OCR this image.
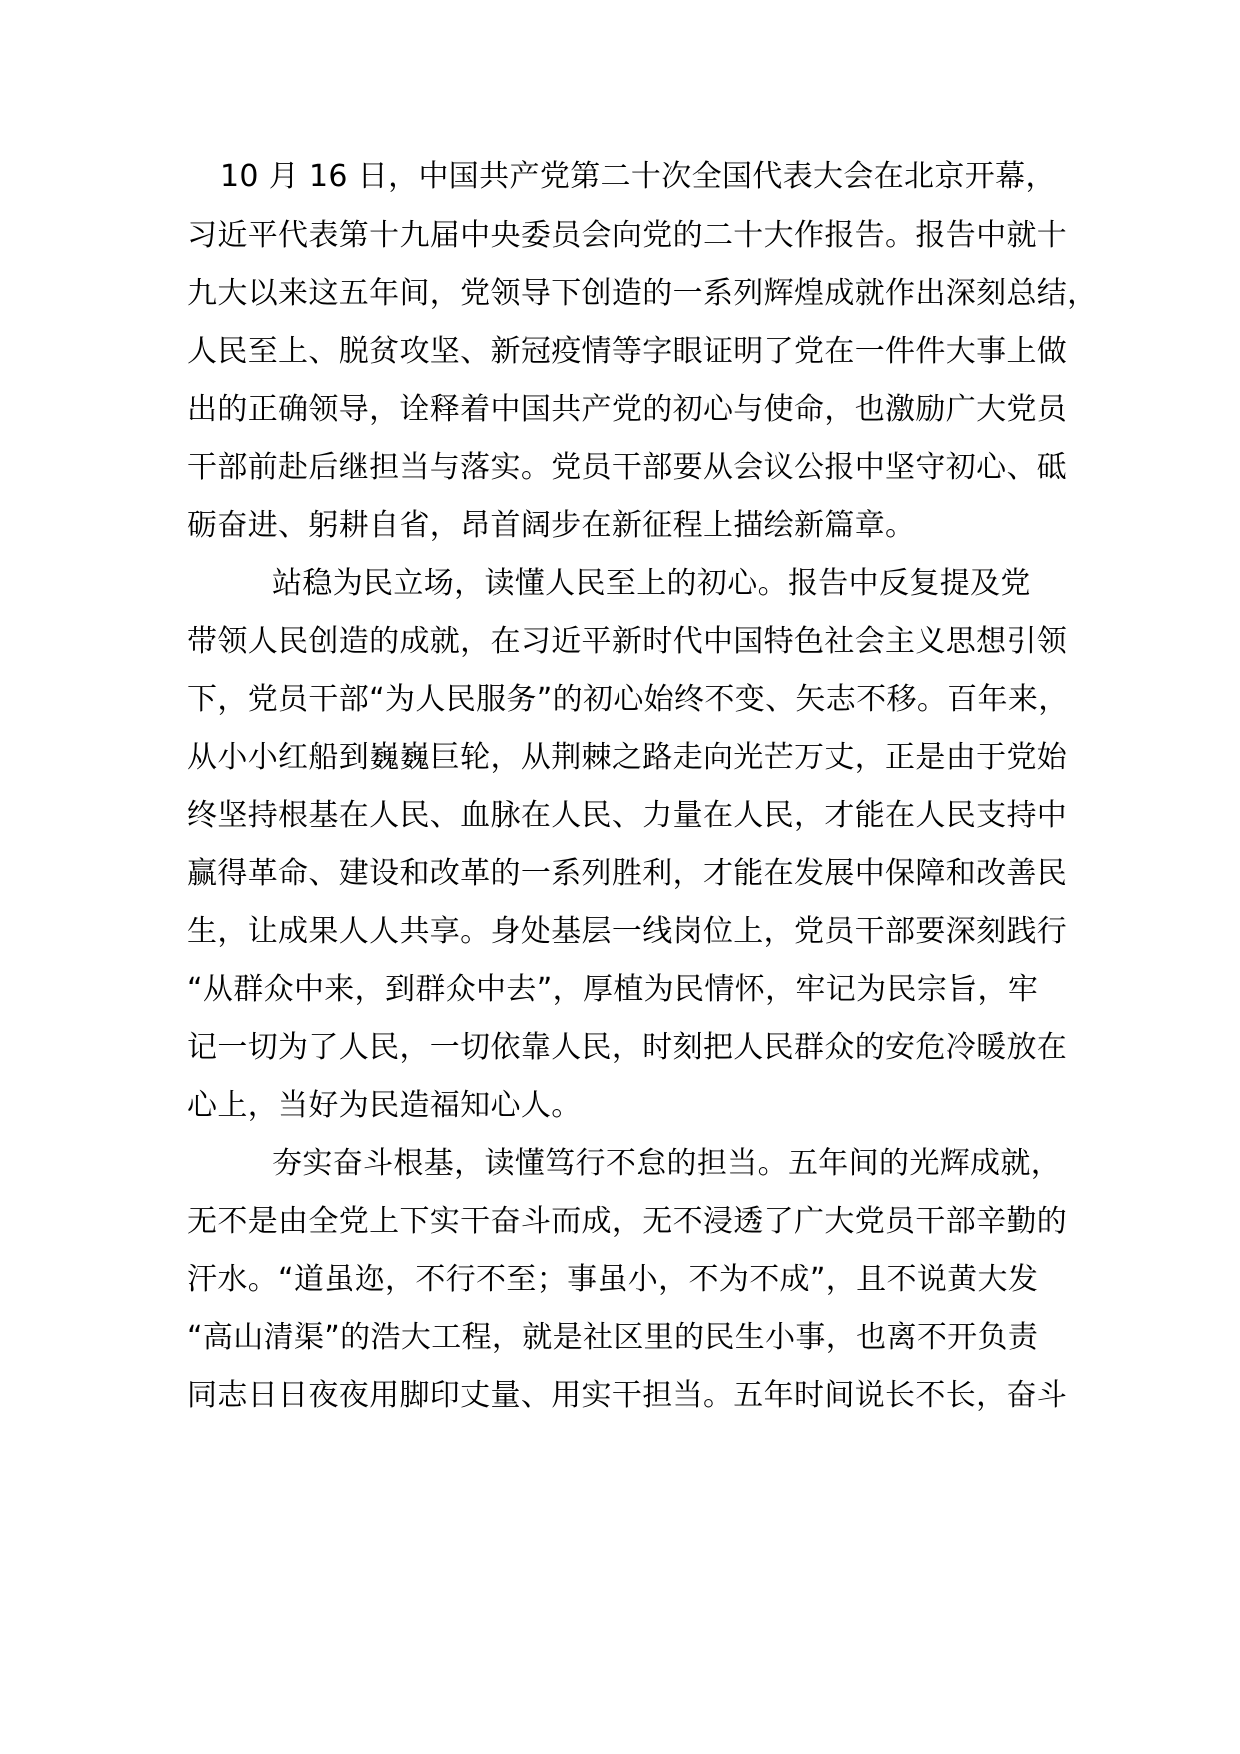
10 月 16 日，中国共产党第二十次全国代表大会在北京开幕，
习近平代表第十九届中央委员会向党的二十大作报告。报告中就十
九大以来这五年间，党领导下创造的一系列辉煌成就作出深刻总结，
人民至上、脱贫攻坚、新冠疫情等字眼证明了党在一件件大事上做
出的正确领导，诠释着中国共产党的初心与使命，也激励广大党员
干部前赴后继担当与落实。党员干部要从会议公报中坚守初心、砥
砺奋进、躬耕自省，昂首阔步在新征程上描绘新篇章。
站稳为民立场，读懂人民至上的初心。报告中反复提及党
带领人民创造的成就，在习近平新时代中国特色社会主义思想引领
下，党员干部“为人民服务”的初心始终不变、矢志不移。百年来，
从小小红船到巍巍巨轮，从荆棘之路走向光芒万丈，正是由于党始
终坚持根基在人民、血脉在人民、力量在人民，才能在人民支持中
赢得革命、建设和改革的一系列胜利，才能在发展中保障和改善民
生，让成果人人共享。身处基层一线岗位上，党员干部要深刻践行
“从群众中来，到群众中去”，厚植为民情怀，牢记为民宗旨，牢
记一切为了人民，一切依靠人民，时刻把人民群众的安危冷暖放在
心上，当好为民造福知心人。
夯实奋斗根基，读懂笃行不怠的担当。五年间的光辉成就，
无不是由全党上下实干奋斗而成，无不浸透了广大党员干部辛勤的
汗水。“道虽迩，不行不至；事虽小，不为不成”，且不说黄大发
“高山清渠”的浩大工程，就是社区里的民生小事，也离不开负责
同志日日夜夜用脚印丈量、用实干担当。五年时间说长不长，奋斗
